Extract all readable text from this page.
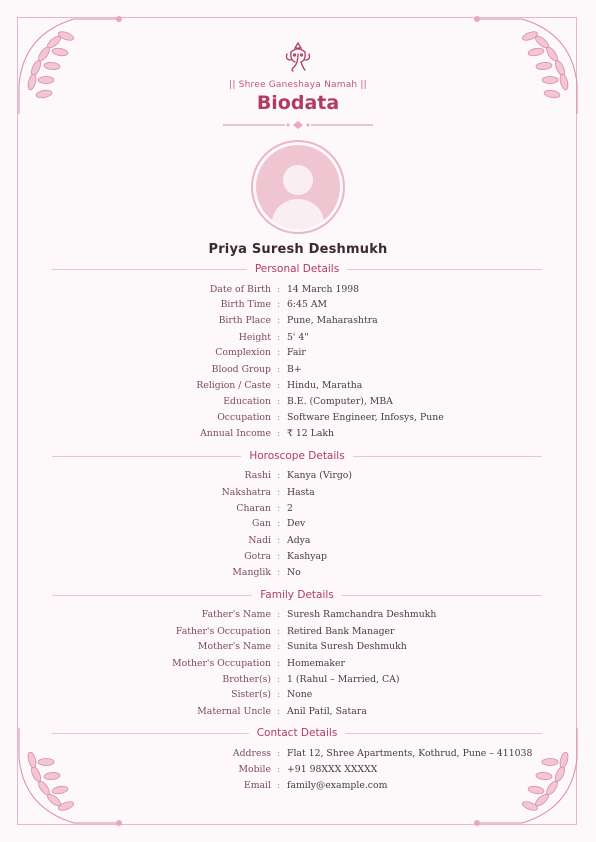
|| Shree Ganeshaya Namah ||
Biodata
Priya Suresh Deshmukh
Personal Details
Date of Birth : 14 March 1998
Birth Time : 6:45 AM
Birth Place : Pune, Maharashtra
Height : 5' 4"
Complexion : Fair
Blood Group : B+
Religion / Caste : Hindu, Maratha
Education : B.E. (Computer), MBA
Occupation : Software Engineer, Infosys, Pune
Annual Income : ₹ 12 Lakh
Horoscope Details
Rashi : Kanya (Virgo)
Nakshatra : Hasta
Charan : 2
Gan : Dev
Nadi : Adya
Gotra : Kashyap
Manglik : No
Family Details
Father's Name : Suresh Ramchandra Deshmukh
Father's Occupation : Retired Bank Manager
Mother's Name : Sunita Suresh Deshmukh
Mother's Occupation : Homemaker
Brother(s) : 1 (Rahul – Married, CA)
Sister(s) : None
Maternal Uncle : Anil Patil, Satara
Contact Details
Address : Flat 12, Shree Apartments, Kothrud, Pune – 411038
Mobile : +91 98XXX XXXXX
Email : family@example.com
